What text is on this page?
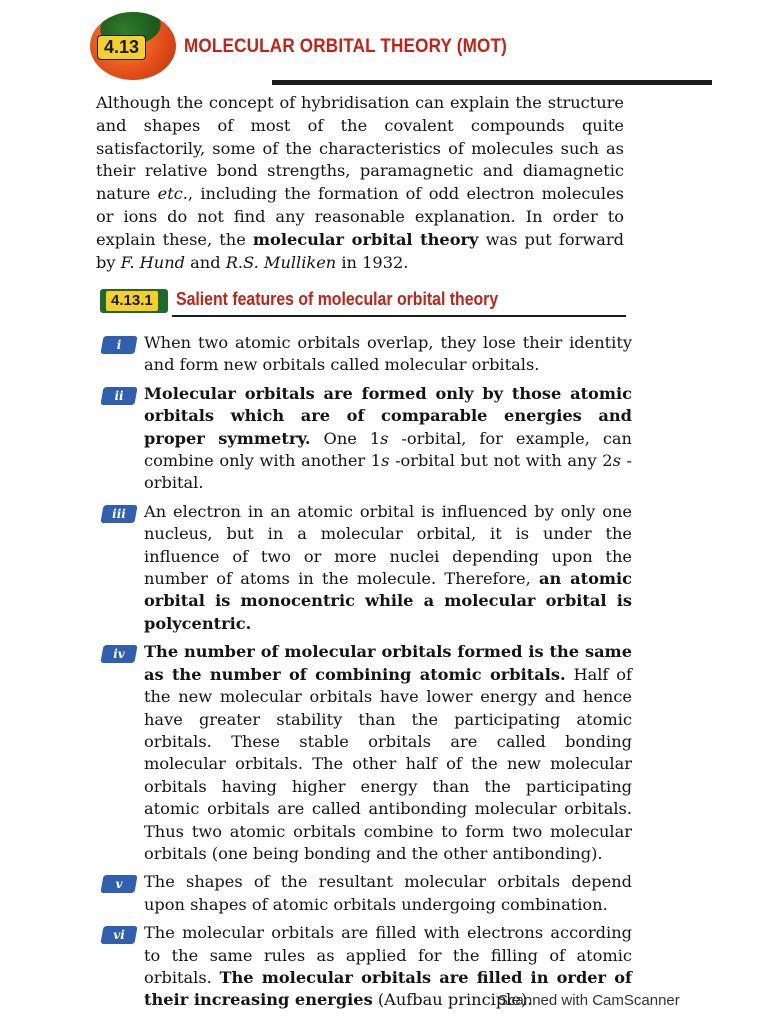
4.13	MOLECULAR ORBITAL THEORY (MOT)

Although the concept of hybridisation can explain the structure and shapes of most of the covalent compounds quite satisfactorily, some of the characteristics of molecules such as their relative bond strengths, paramagnetic and diamagnetic nature etc., including the formation of odd electron molecules or ions do not find any reasonable explanation. In order to explain these, the molecular orbital theory was put forward by F. Hund and R.S. Mulliken in 1932.

4.13.1 Salient features of molecular orbital theory
i	When two atomic orbitals overlap, they lose their identity and form new orbitals called molecular orbitals.

ii	Molecular orbitals are formed only by those atomic orbitals which are of comparable energies and proper symmetry. One 1s -orbital, for example, can combine only with another 1s -orbital but not with any 2s -orbital.

iii	An electron in an atomic orbital is influenced by only one nucleus, but in a molecular orbital, it is under the influence of two or more nuclei depending upon the number of atoms in the molecule. Therefore, an atomic orbital is monocentric while a molecular orbital is polycentric.

iv	The number of molecular orbitals formed is the same as the number of combining atomic orbitals. Half of the new molecular orbitals have lower energy and hence have greater stability than the participating atomic orbitals. These stable orbitals are called bonding molecular orbitals. The other half of the new molecular orbitals having higher energy than the participating atomic orbitals are called antibonding molecular orbitals. Thus two atomic orbitals combine to form two molecular orbitals (one being bonding and the other antibonding).

v	The shapes of the resultant molecular orbitals depend upon shapes of atomic orbitals undergoing combination.

vi	The molecular orbitals are filled with electrons according to the same rules as applied for the filling of atomic orbitals. The molecular orbitals are filled in order of their increasing energies (Aufbau principle).

Scanned with CamScanner
